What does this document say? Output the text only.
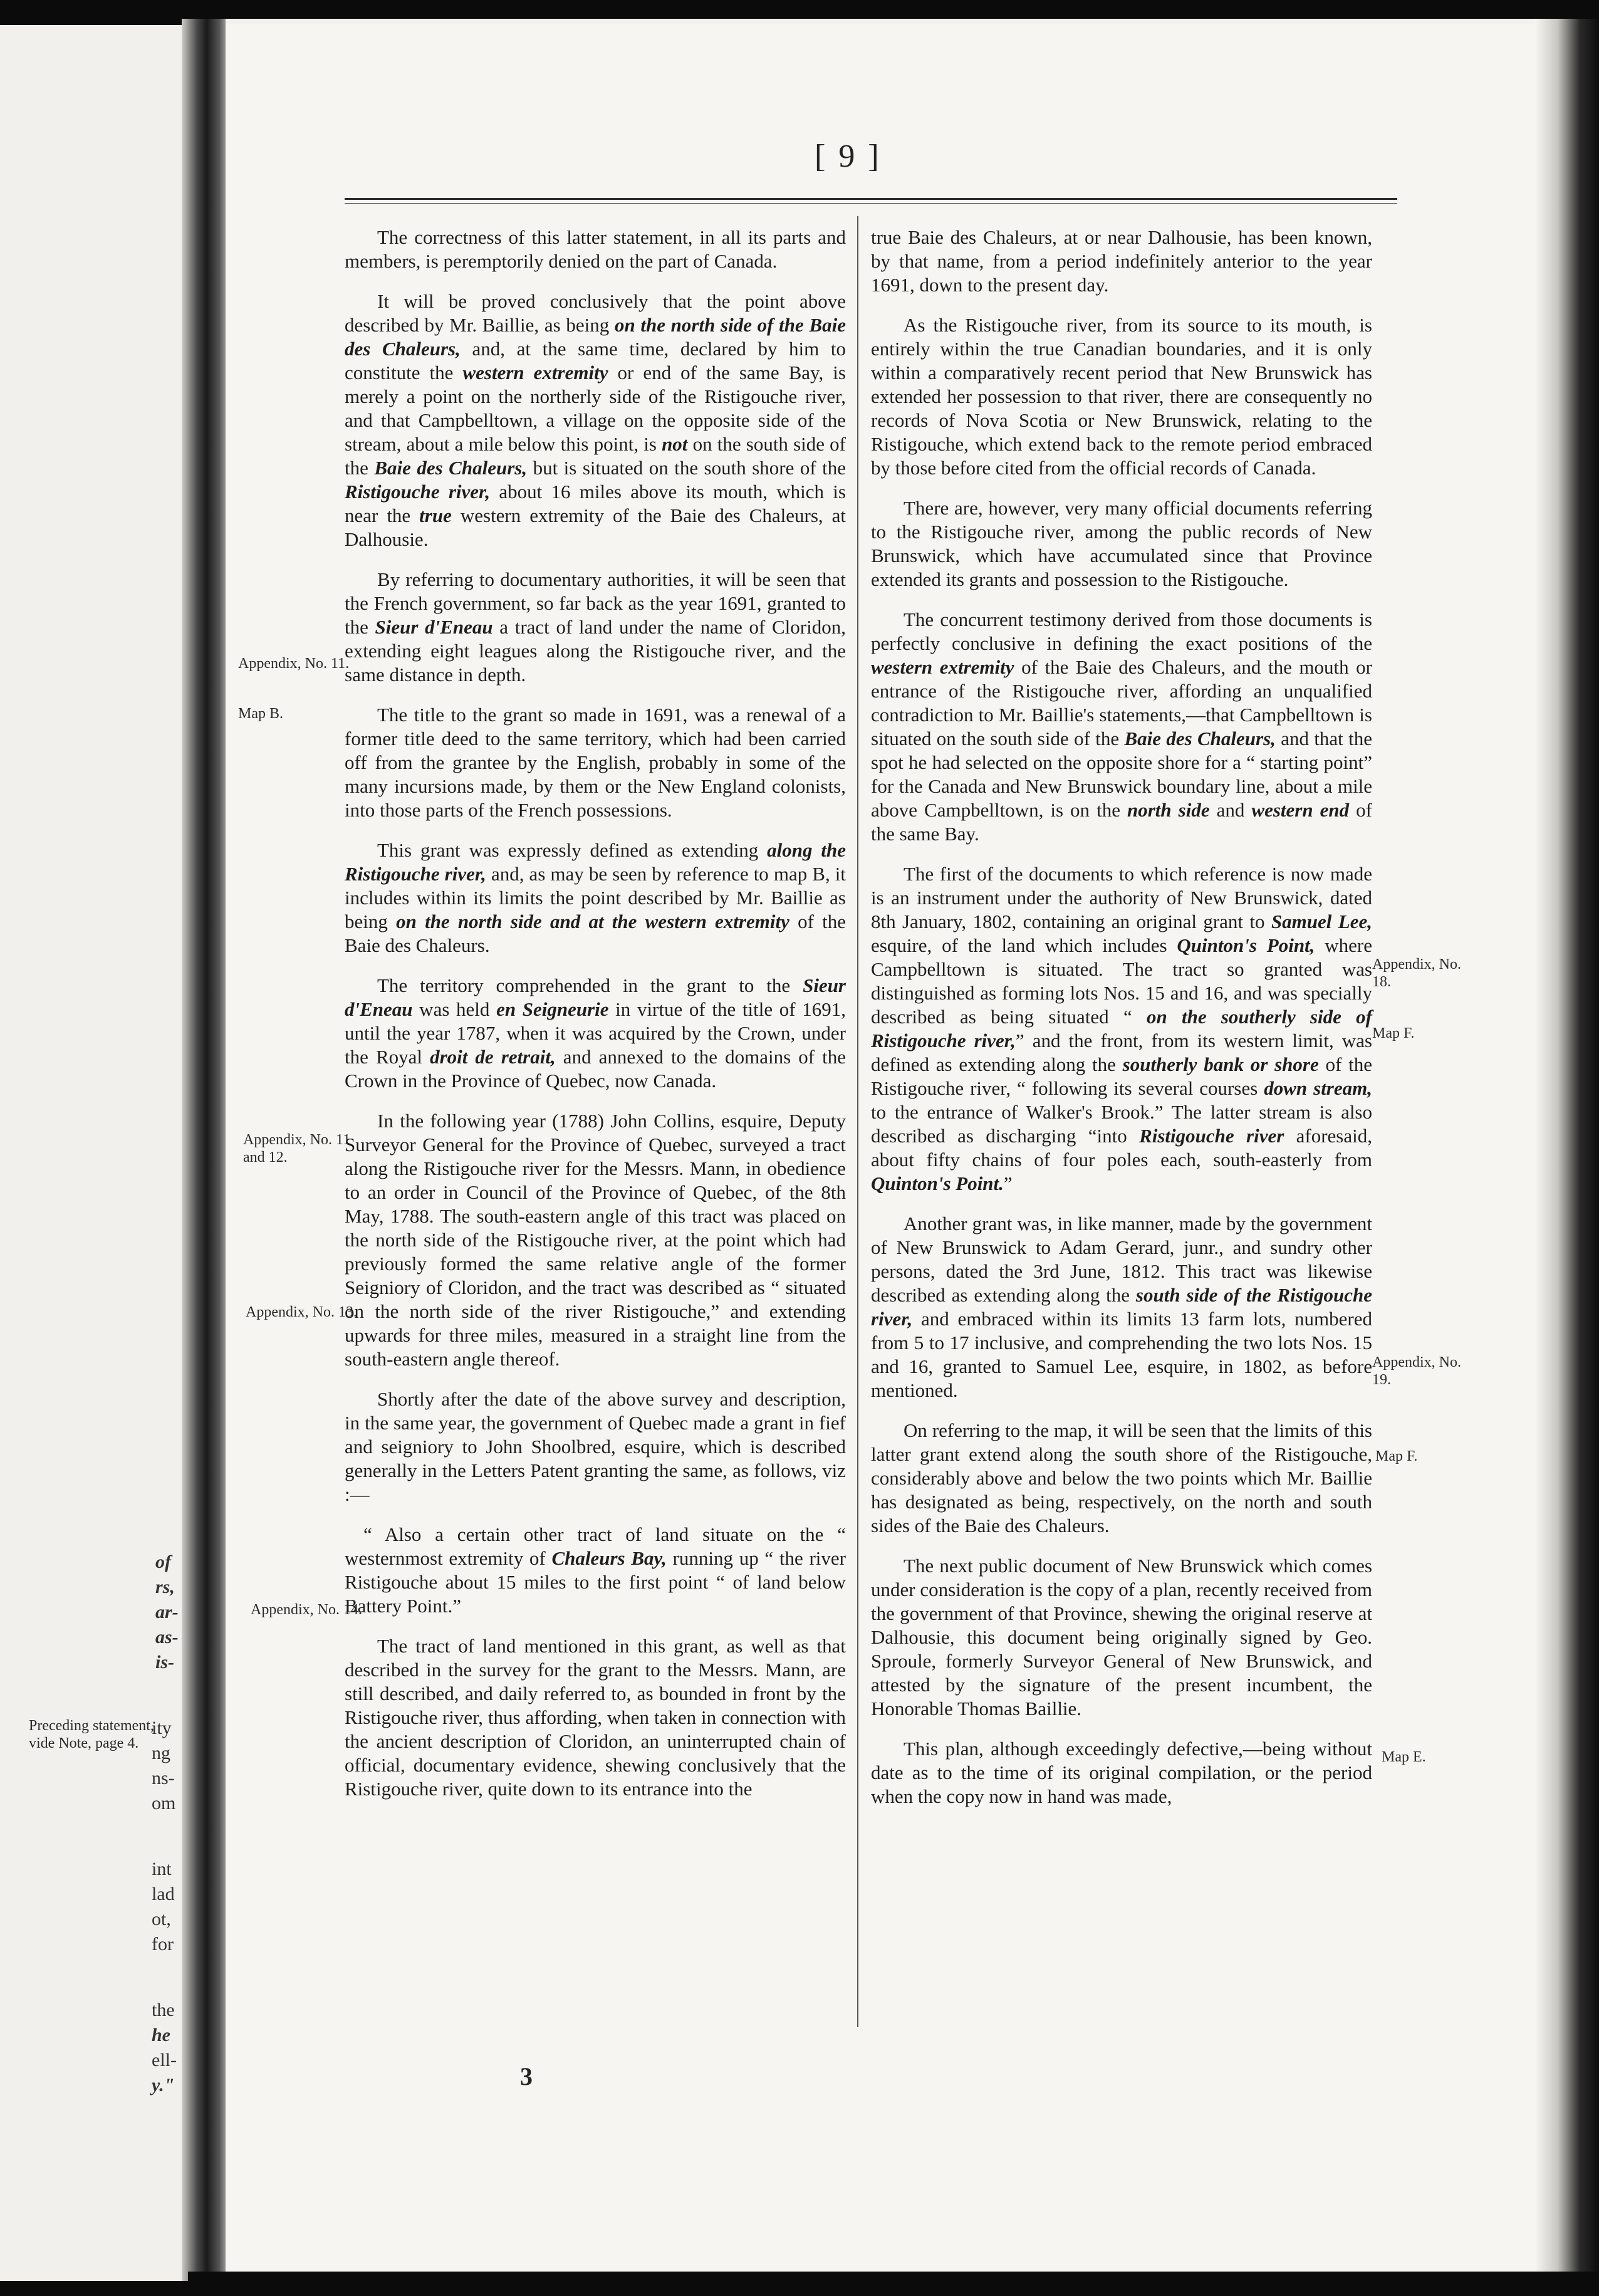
of
rs,
ar-
as-
is-
ity
ng
ns-
om
int
lad
ot,
for
the
he
ell-
y."
Preceding statement, vide Note, page 4.
[ 9 ]
Appendix, No. 11.
Map B.
Appendix, No. 11 and 12.
Appendix, No. 13.
Appendix, No. 14.
Appendix, No. 18.
Map F.
Appendix, No. 19.
Map F.
Map E.

The correctness of this latter statement, in all its parts and members, is peremptorily denied on the part of Canada.

It will be proved conclusively that the point above described by Mr. Baillie, as being on the north side of the Baie des Chaleurs, and, at the same time, declared by him to constitute the western extremity or end of the same Bay, is merely a point on the northerly side of the Ristigouche river, and that Campbelltown, a village on the opposite side of the stream, about a mile below this point, is not on the south side of the Baie des Chaleurs, but is situated on the south shore of the Ristigouche river, about 16 miles above its mouth, which is near the true western extremity of the Baie des Chaleurs, at Dalhousie.

By referring to documentary authorities, it will be seen that the French government, so far back as the year 1691, granted to the Sieur d'Eneau a tract of land under the name of Cloridon, extending eight leagues along the Ristigouche river, and the same distance in depth.

The title to the grant so made in 1691, was a renewal of a former title deed to the same territory, which had been carried off from the grantee by the English, probably in some of the many incursions made, by them or the New England colonists, into those parts of the French possessions.

This grant was expressly defined as extending along the Ristigouche river, and, as may be seen by reference to map B, it includes within its limits the point described by Mr. Baillie as being on the north side and at the western extremity of the Baie des Chaleurs.

The territory comprehended in the grant to the Sieur d'Eneau was held en Seigneurie in virtue of the title of 1691, until the year 1787, when it was acquired by the Crown, under the Royal droit de retrait, and annexed to the domains of the Crown in the Province of Quebec, now Canada.

In the following year (1788) John Collins, esquire, Deputy Surveyor General for the Province of Quebec, surveyed a tract along the Ristigouche river for the Messrs. Mann, in obedience to an order in Council of the Province of Quebec, of the 8th May, 1788. The south-eastern angle of this tract was placed on the north side of the Ristigouche river, at the point which had previously formed the same relative angle of the former Seigniory of Cloridon, and the tract was described as “ situated on the north side of the river Ristigouche,” and extending upwards for three miles, measured in a straight line from the south-eastern angle thereof.

Shortly after the date of the above survey and description, in the same year, the government of Quebec made a grant in fief and seigniory to John Shoolbred, esquire, which is described generally in the Letters Patent granting the same, as follows, viz :—

“ Also a certain other tract of land situate on the “ westernmost extremity of Chaleurs Bay, running up “ the river Ristigouche about 15 miles to the first point “ of land below Battery Point.”

The tract of land mentioned in this grant, as well as that described in the survey for the grant to the Messrs. Mann, are still described, and daily referred to, as bounded in front by the Ristigouche river, thus affording, when taken in connection with the ancient description of Cloridon, an uninterrupted chain of official, documentary evidence, shewing conclusively that the Ristigouche river, quite down to its entrance into the

true Baie des Chaleurs, at or near Dalhousie, has been known, by that name, from a period indefinitely anterior to the year 1691, down to the present day.

As the Ristigouche river, from its source to its mouth, is entirely within the true Canadian boundaries, and it is only within a comparatively recent period that New Brunswick has extended her possession to that river, there are consequently no records of Nova Scotia or New Brunswick, relating to the Ristigouche, which extend back to the remote period embraced by those before cited from the official records of Canada.

There are, however, very many official documents referring to the Ristigouche river, among the public records of New Brunswick, which have accumulated since that Province extended its grants and possession to the Ristigouche.

The concurrent testimony derived from those documents is perfectly conclusive in defining the exact positions of the western extremity of the Baie des Chaleurs, and the mouth or entrance of the Ristigouche river, affording an unqualified contradiction to Mr. Baillie's statements,—that Campbelltown is situated on the south side of the Baie des Chaleurs, and that the spot he had selected on the opposite shore for a “ starting point” for the Canada and New Brunswick boundary line, about a mile above Campbelltown, is on the north side and western end of the same Bay.

The first of the documents to which reference is now made is an instrument under the authority of New Brunswick, dated 8th January, 1802, containing an original grant to Samuel Lee, esquire, of the land which includes Quinton's Point, where Campbelltown is situated. The tract so granted was distinguished as forming lots Nos. 15 and 16, and was specially described as being situated “ on the southerly side of Ristigouche river,” and the front, from its western limit, was defined as extending along the southerly bank or shore of the Ristigouche river, “ following its several courses down stream, to the entrance of Walker's Brook.” The latter stream is also described as discharging “into Ristigouche river aforesaid, about fifty chains of four poles each, south-easterly from Quinton's Point.”

Another grant was, in like manner, made by the government of New Brunswick to Adam Gerard, junr., and sundry other persons, dated the 3rd June, 1812. This tract was likewise described as extending along the south side of the Ristigouche river, and embraced within its limits 13 farm lots, numbered from 5 to 17 inclusive, and comprehending the two lots Nos. 15 and 16, granted to Samuel Lee, esquire, in 1802, as before mentioned.

On referring to the map, it will be seen that the limits of this latter grant extend along the south shore of the Ristigouche, considerably above and below the two points which Mr. Baillie has designated as being, respectively, on the north and south sides of the Baie des Chaleurs.

The next public document of New Brunswick which comes under consideration is the copy of a plan, recently received from the government of that Province, shewing the original reserve at Dalhousie, this document being originally signed by Geo. Sproule, formerly Surveyor General of New Brunswick, and attested by the signature of the present incumbent, the Honorable Thomas Baillie.

This plan, although exceedingly defective,—being without date as to the time of its original compilation, or the period when the copy now in hand was made,

3
